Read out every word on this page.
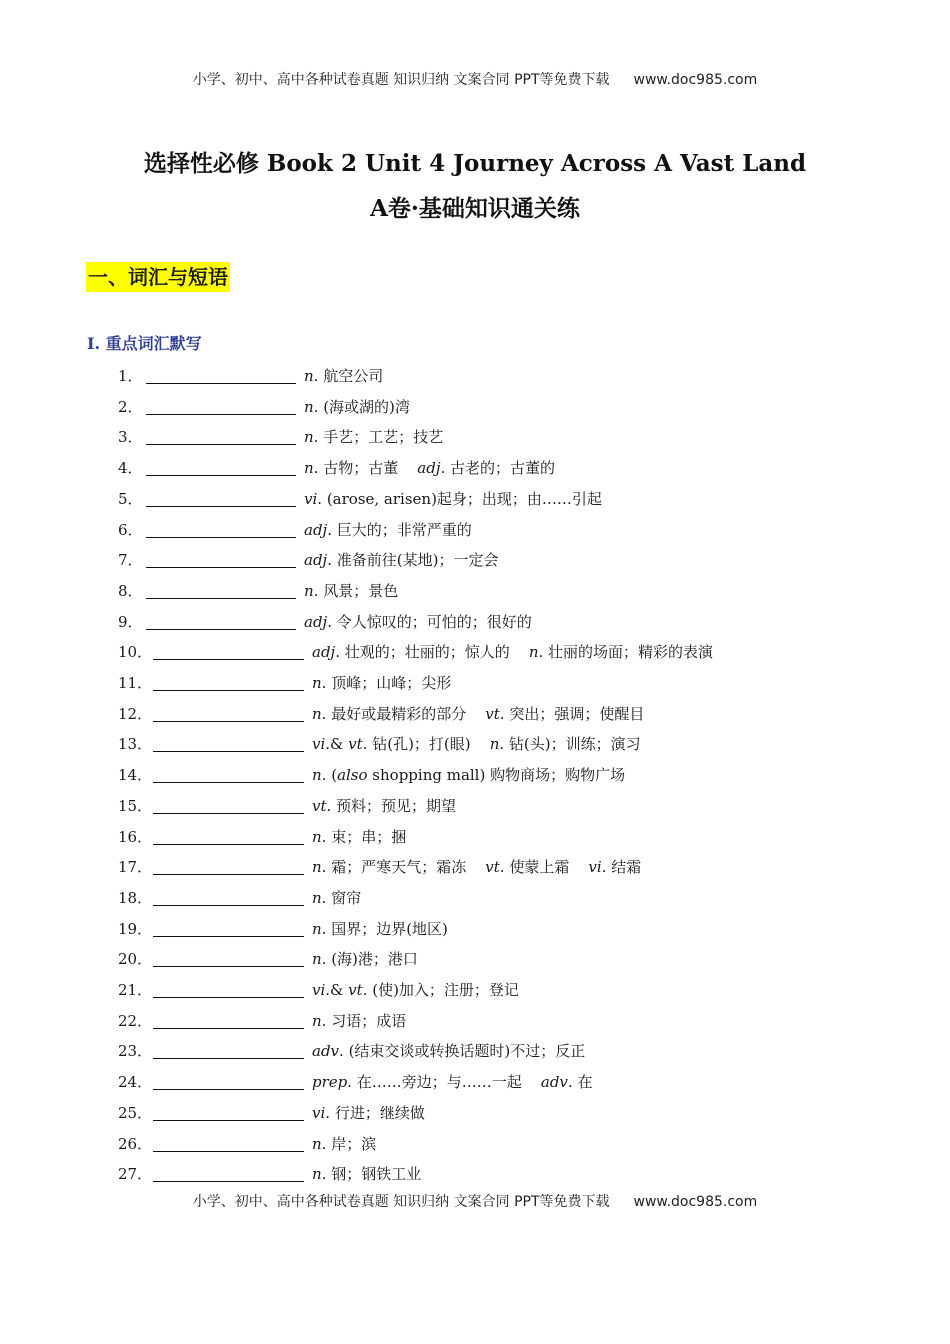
小学、初中、高中各种试卷真题 知识归纳 文案合同 PPT等免费下载 www.doc985.com
选择性必修 Book 2 Unit 4 Journey Across A Vast Land
A卷·基础知识通关练
一、词汇与短语
I. 重点词汇默写
1．	n. 航空公司
2．	n. (海或湖的)湾
3．	n. 手艺；工艺；技艺
4．	n. 古物；古董    adj. 古老的；古董的
5．	vi. (arose, arisen)起身；出现；由……引起
6．	adj. 巨大的；非常严重的
7．	adj. 准备前往(某地)；一定会
8．	n. 风景；景色
9．	adj. 令人惊叹的；可怕的；很好的
10．	adj. 壮观的；壮丽的；惊人的    n. 壮丽的场面；精彩的表演
11．	n. 顶峰；山峰；尖形
12．	n. 最好或最精彩的部分    vt. 突出；强调；使醒目
13．	vi.& vt. 钻(孔)；打(眼)    n. 钻(头)；训练；演习
14．	n. (also shopping mall) 购物商场；购物广场
15．	vt. 预料；预见；期望
16．	n. 束；串；捆
17．	n. 霜；严寒天气；霜冻    vt. 使蒙上霜    vi. 结霜
18．	n. 窗帘
19．	n. 国界；边界(地区)
20．	n. (海)港；港口
21．	vi.& vt. (使)加入；注册；登记
22．	n. 习语；成语
23．	adv. (结束交谈或转换话题时)不过；反正
24．	prep. 在……旁边；与……一起    adv. 在
25．	vi. 行进；继续做
26．	n. 岸；滨
27．	n. 钢；钢铁工业
小学、初中、高中各种试卷真题 知识归纳 文案合同 PPT等免费下载 www.doc985.com
